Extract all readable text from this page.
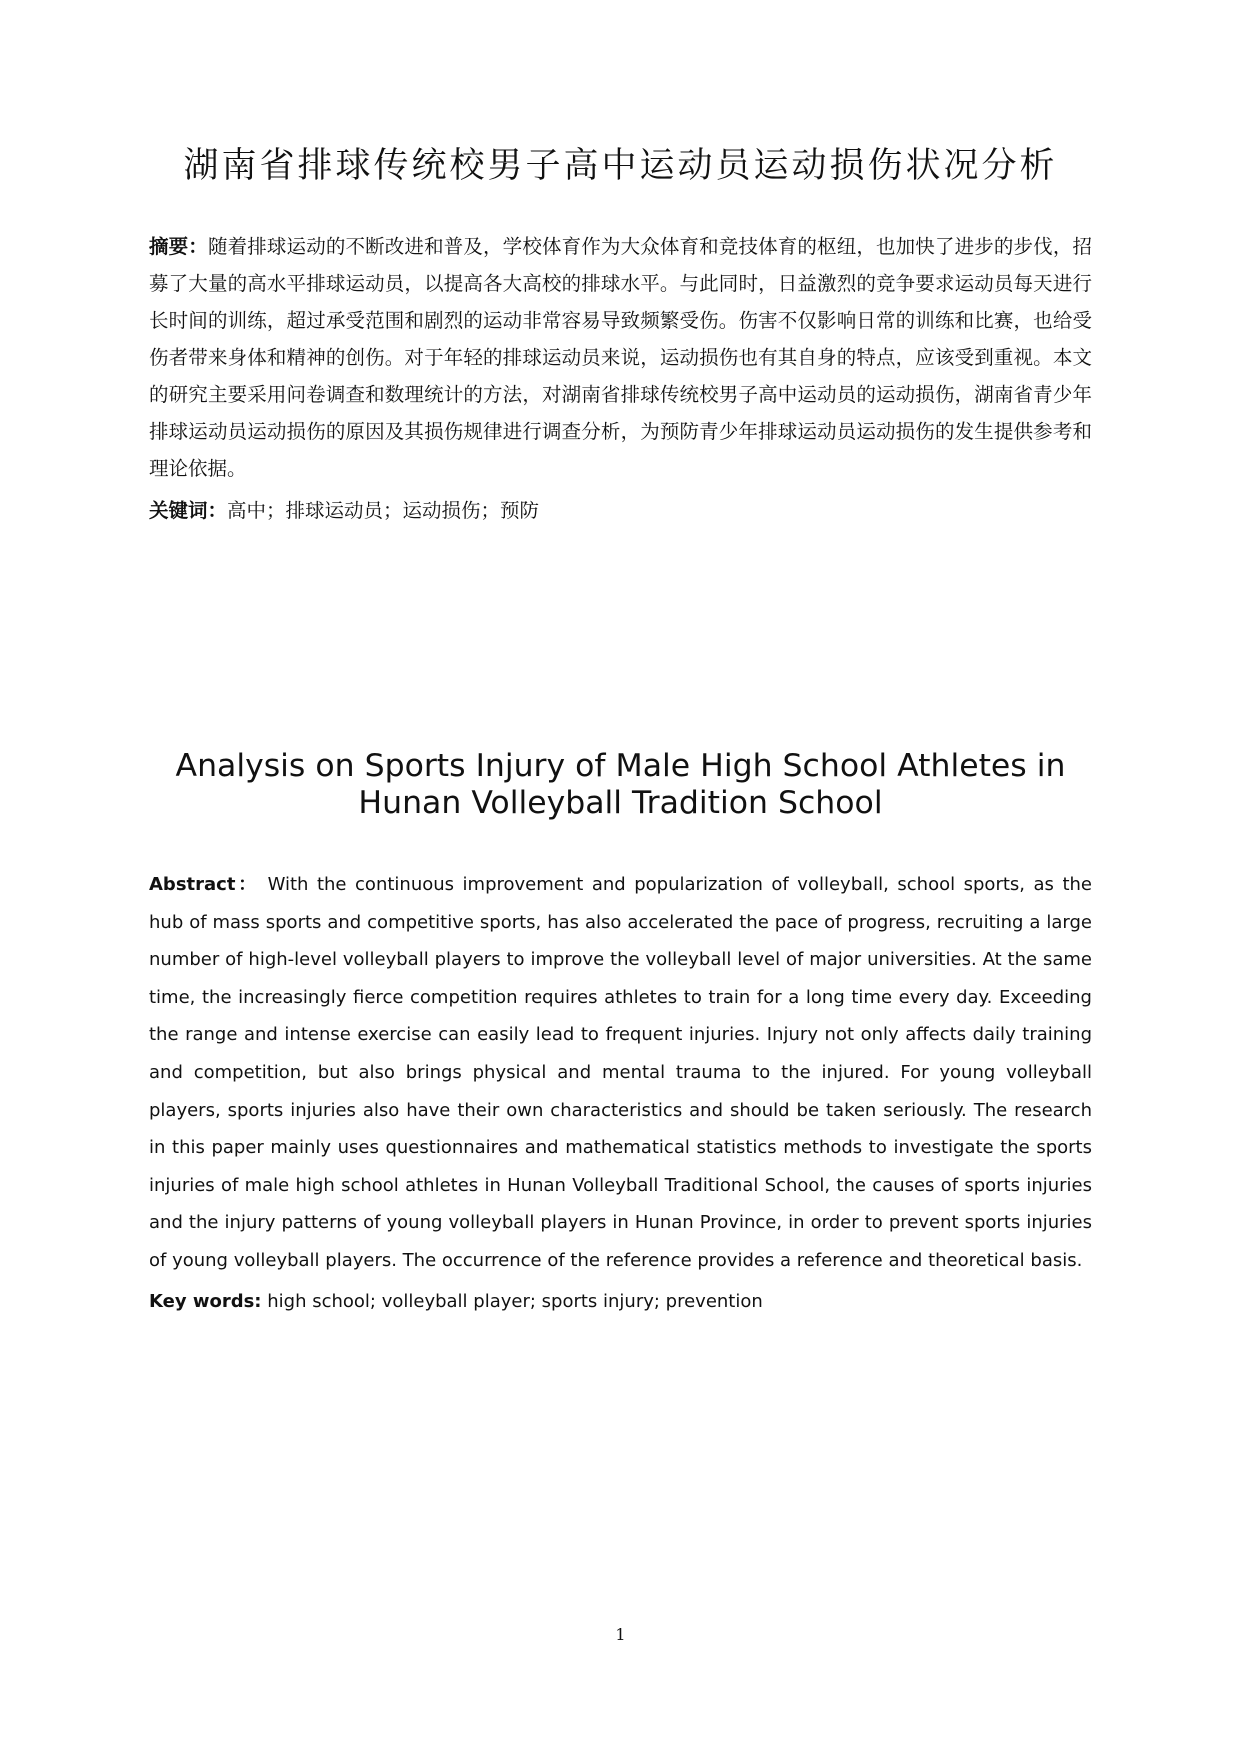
湖南省排球传统校男子高中运动员运动损伤状况分析

摘要：随着排球运动的不断改进和普及，学校体育作为大众体育和竞技体育的枢纽，也加快了进步的步伐，招募了大量的高水平排球运动员，以提高各大高校的排球水平。与此同时，日益激烈的竞争要求运动员每天进行长时间的训练，超过承受范围和剧烈的运动非常容易导致频繁受伤。伤害不仅影响日常的训练和比赛，也给受伤者带来身体和精神的创伤。对于年轻的排球运动员来说，运动损伤也有其自身的特点，应该受到重视。本文的研究主要采用问卷调查和数理统计的方法，对湖南省排球传统校男子高中运动员的运动损伤，湖南省青少年排球运动员运动损伤的原因及其损伤规律进行调查分析，为预防青少年排球运动员运动损伤的发生提供参考和理论依据。

关键词：高中；排球运动员；运动损伤；预防

Analysis on Sports Injury of Male High School Athletes in
Hunan Volleyball Tradition School

Abstract： With the continuous improvement and popularization of volleyball, school sports, as the hub of mass sports and competitive sports, has also accelerated the pace of progress, recruiting a large number of high-level volleyball players to improve the volleyball level of major universities. At the same time, the increasingly fierce competition requires athletes to train for a long time every day. Exceeding the range and intense exercise can easily lead to frequent injuries. Injury not only affects daily training and competition, but also brings physical and mental trauma to the injured. For young volleyball players, sports injuries also have their own characteristics and should be taken seriously. The research in this paper mainly uses questionnaires and mathematical statistics methods to investigate the sports injuries of male high school athletes in Hunan Volleyball Traditional School, the causes of sports injuries and the injury patterns of young volleyball players in Hunan Province, in order to prevent sports injuries of young volleyball players. The occurrence of the reference provides a reference and theoretical basis.

Key words: high school; volleyball player; sports injury; prevention

1
